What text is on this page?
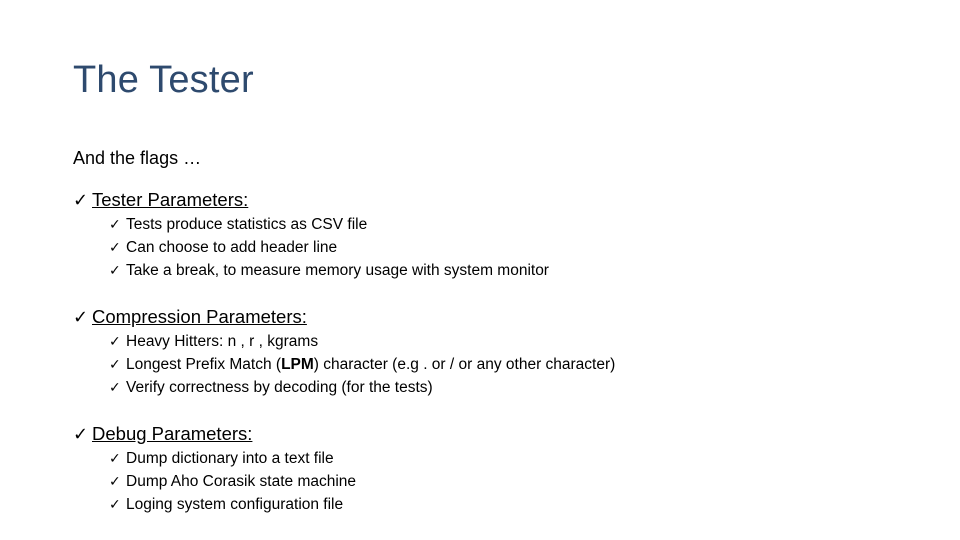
The Tester
And the flags …
✓ Tester Parameters:
✓ Tests produce statistics as CSV file
✓ Can choose to add header line
✓ Take a break, to measure memory usage with system monitor
✓ Compression Parameters:
✓ Heavy Hitters: n , r , kgrams
✓ Longest Prefix Match (LPM) character (e.g . or / or any other character)
✓ Verify correctness by decoding (for the tests)
✓ Debug Parameters:
✓ Dump dictionary into a text file
✓ Dump Aho Corasik state machine
✓ Loging system configuration file
